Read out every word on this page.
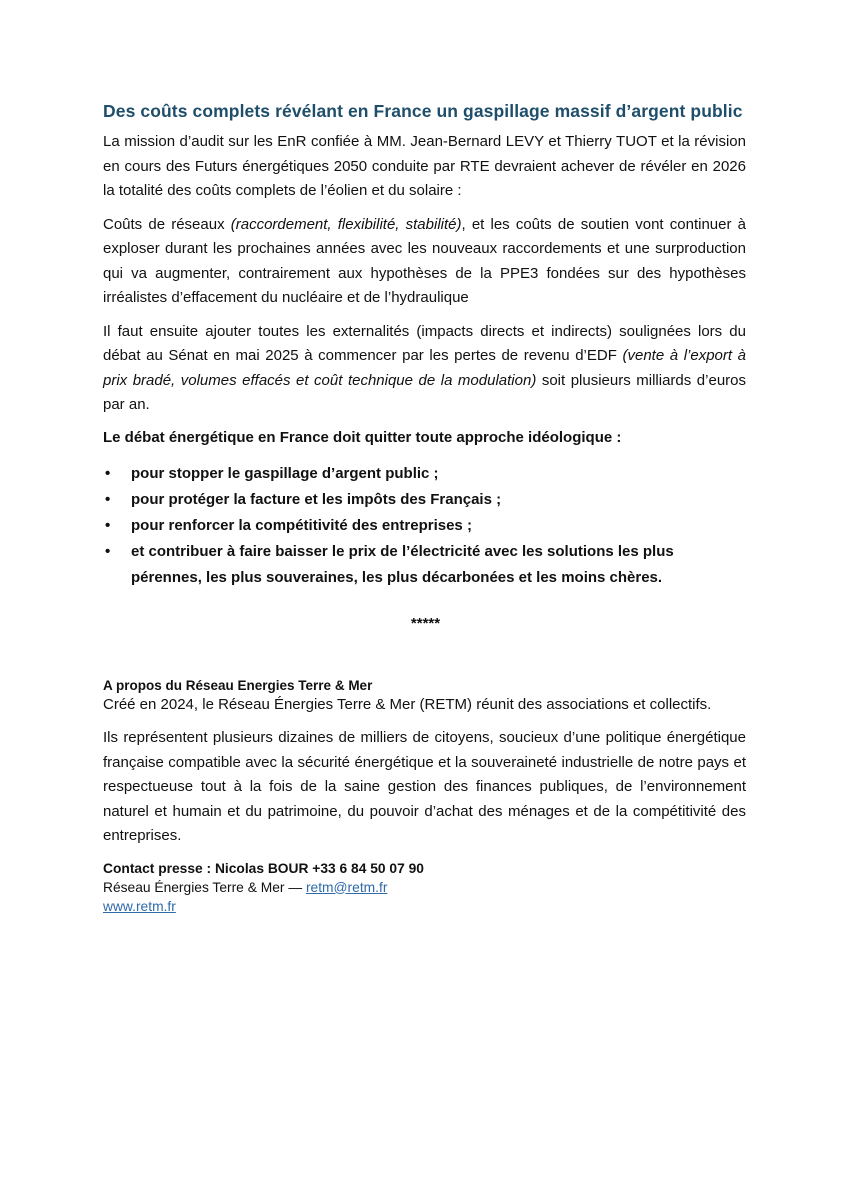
Des coûts complets révélant en France un gaspillage massif d’argent public

La mission d’audit sur les EnR confiée à MM. Jean-Bernard LEVY et Thierry TUOT et la révision en cours des Futurs énergétiques 2050 conduite par RTE devraient achever de révéler en 2026 la totalité des coûts complets de l’éolien et du solaire :

Coûts de réseaux (raccordement, flexibilité, stabilité), et les coûts de soutien vont continuer à exploser durant les prochaines années avec les nouveaux raccordements et une surproduction qui va augmenter, contrairement aux hypothèses de la PPE3 fondées sur des hypothèses irréalistes d’effacement du nucléaire et de l’hydraulique

Il faut ensuite ajouter toutes les externalités (impacts directs et indirects) soulignées lors du débat au Sénat en mai 2025 à commencer par les pertes de revenu d’EDF (vente à l’export à prix bradé, volumes effacés et coût technique de la modulation) soit plusieurs milliards d’euros par an.

Le débat énergétique en France doit quitter toute approche idéologique :

• pour stopper le gaspillage d’argent public ;
• pour protéger la facture et les impôts des Français ;
• pour renforcer la compétitivité des entreprises ;
• et contribuer à faire baisser le prix de l’électricité avec les solutions les plus pérennes, les plus souveraines, les plus décarbonées et les moins chères.
*****
A propos du Réseau Energies Terre & Mer

Créé en 2024, le Réseau Énergies Terre & Mer (RETM) réunit des associations et collectifs.

Ils représentent plusieurs dizaines de milliers de citoyens, soucieux d’une politique énergétique française compatible avec la sécurité énergétique et la souveraineté industrielle de notre pays et respectueuse tout à la fois de la saine gestion des finances publiques, de l’environnement naturel et humain et du patrimoine, du pouvoir d’achat des ménages et de la compétitivité des entreprises.

Contact presse : Nicolas BOUR +33 6 84 50 07 90
Réseau Énergies Terre & Mer — retm@retm.fr
www.retm.fr
